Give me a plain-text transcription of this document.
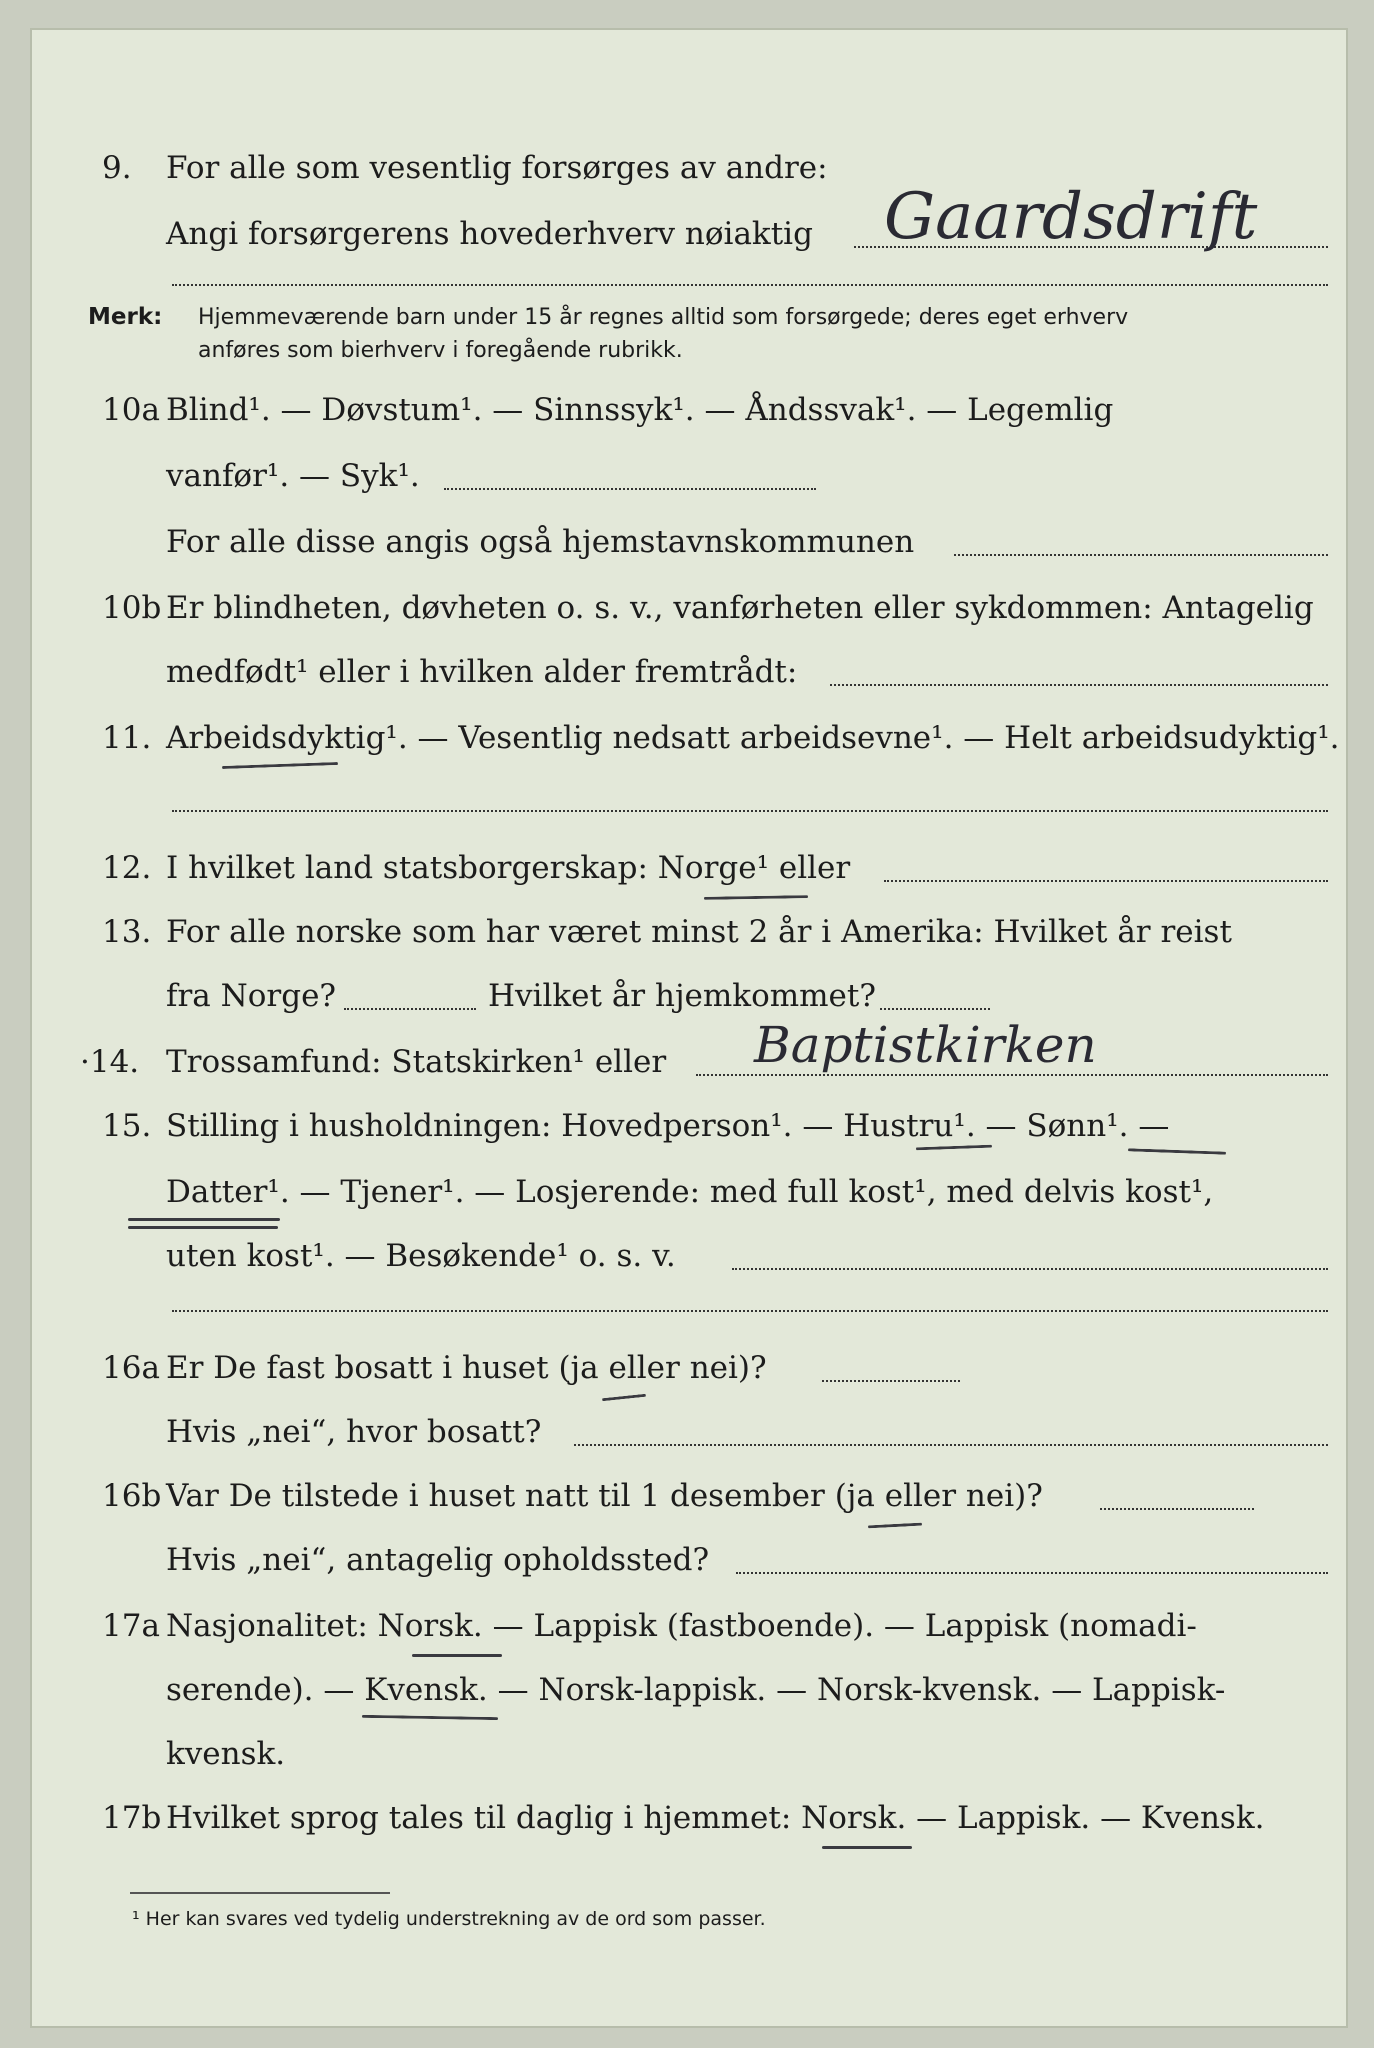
9. For alle som vesentlig forsørges av andre:
Angi forsørgerens hovederhverv nøiaktig Gaardsdrift
Merk: Hjemmeværende barn under 15 år regnes alltid som forsørgede; deres eget erhverv
anføres som bierhverv i foregående rubrikk.
10a Blind¹. — Døvstum¹. — Sinnssyk¹. — Åndssvak¹. — Legemlig
vanfør¹. — Syk¹.
For alle disse angis også hjemstavnskommunen
10b Er blindheten, døvheten o. s. v., vanførheten eller sykdommen: Antagelig
medfødt¹ eller i hvilken alder fremtrådt:
11. Arbeidsdyktig¹. — Vesentlig nedsatt arbeidsevne¹. — Helt arbeidsudyktig¹.
12. I hvilket land statsborgerskap: Norge¹ eller
13. For alle norske som har været minst 2 år i Amerika: Hvilket år reist
fra Norge?	Hvilket år hjemkommet?
·14. Trossamfund: Statskirken¹ eller Baptistkirken
15. Stilling i husholdningen: Hovedperson¹. — Hustru¹. — Sønn¹. —
Datter¹. — Tjener¹. — Losjerende: med full kost¹, med delvis kost¹,
uten kost¹. — Besøkende¹ o. s. v.
16a Er De fast bosatt i huset (ja eller nei)?
Hvis „nei“, hvor bosatt?
16b Var De tilstede i huset natt til 1 desember (ja eller nei)?
Hvis „nei“, antagelig opholdssted?
17a Nasjonalitet: Norsk. — Lappisk (fastboende). — Lappisk (nomadi-
serende). — Kvensk. — Norsk-lappisk. — Norsk-kvensk. — Lappisk-
kvensk.
17b Hvilket sprog tales til daglig i hjemmet: Norsk. — Lappisk. — Kvensk.
¹ Her kan svares ved tydelig understrekning av de ord som passer.
